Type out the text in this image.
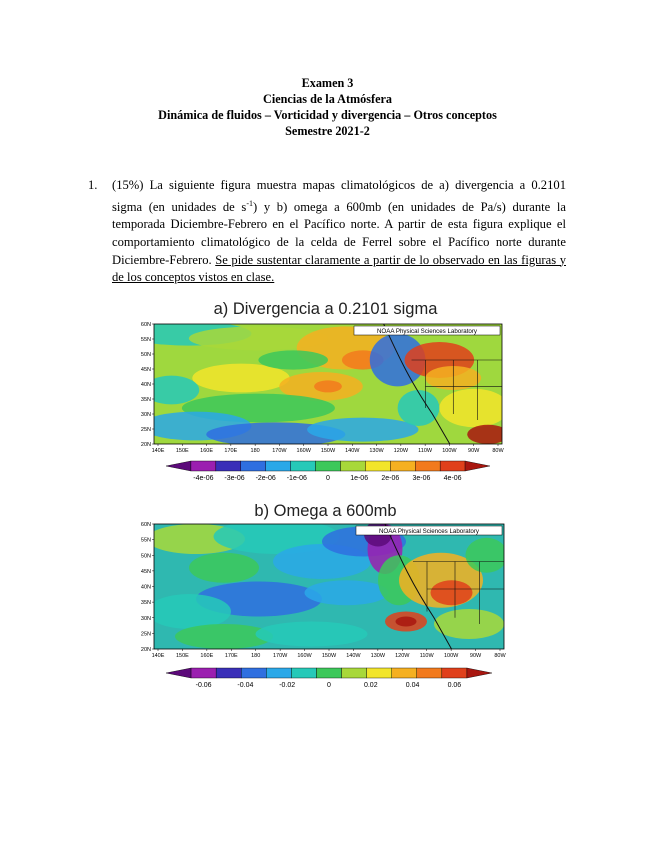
Examen 3
Ciencias de la Atmósfera
Dinámica de fluidos – Vorticidad y divergencia – Otros conceptos
Semestre 2021-2
1. (15%) La siguiente figura muestra mapas climatológicos de a) divergencia a 0.2101 sigma (en unidades de $s^{-1}$) y b) omega a 600mb (en unidades de Pa/s) durante la temporada Diciembre-Febrero en el Pacífico norte. A partir de esta figura explique el comportamiento climatológico de la celda de Ferrel sobre el Pacífico norte durante Diciembre-Febrero. Se pide sustentar claramente a partir de lo observado en las figuras y de los conceptos vistos en clase.
a) Divergencia a 0.2101 sigma
NOAA Physical Sciences Laboratory
60N
55N
50N
45N
40N
35N
30N
25N
20N
140E 150E 160E 170E 180 170W 160W 150W 140W 130W 120W 110W 100W 90W 80W
-4e-06 -3e-06 -2e-06 -1e-06	0	1e-06 2e-06 3e-06 4e-06
b) Omega a 600mb
NOAA Physical Sciences Laboratory
60N
55N
50N
45N
40N
35N
30N
25N
20N
140E 150E 160E 170E 180 170W 160W 150W 140W 130W 120W 110W 100W 90W 80W
-0.06	-0.04	-0.02	0	0.02	0.04	0.06
